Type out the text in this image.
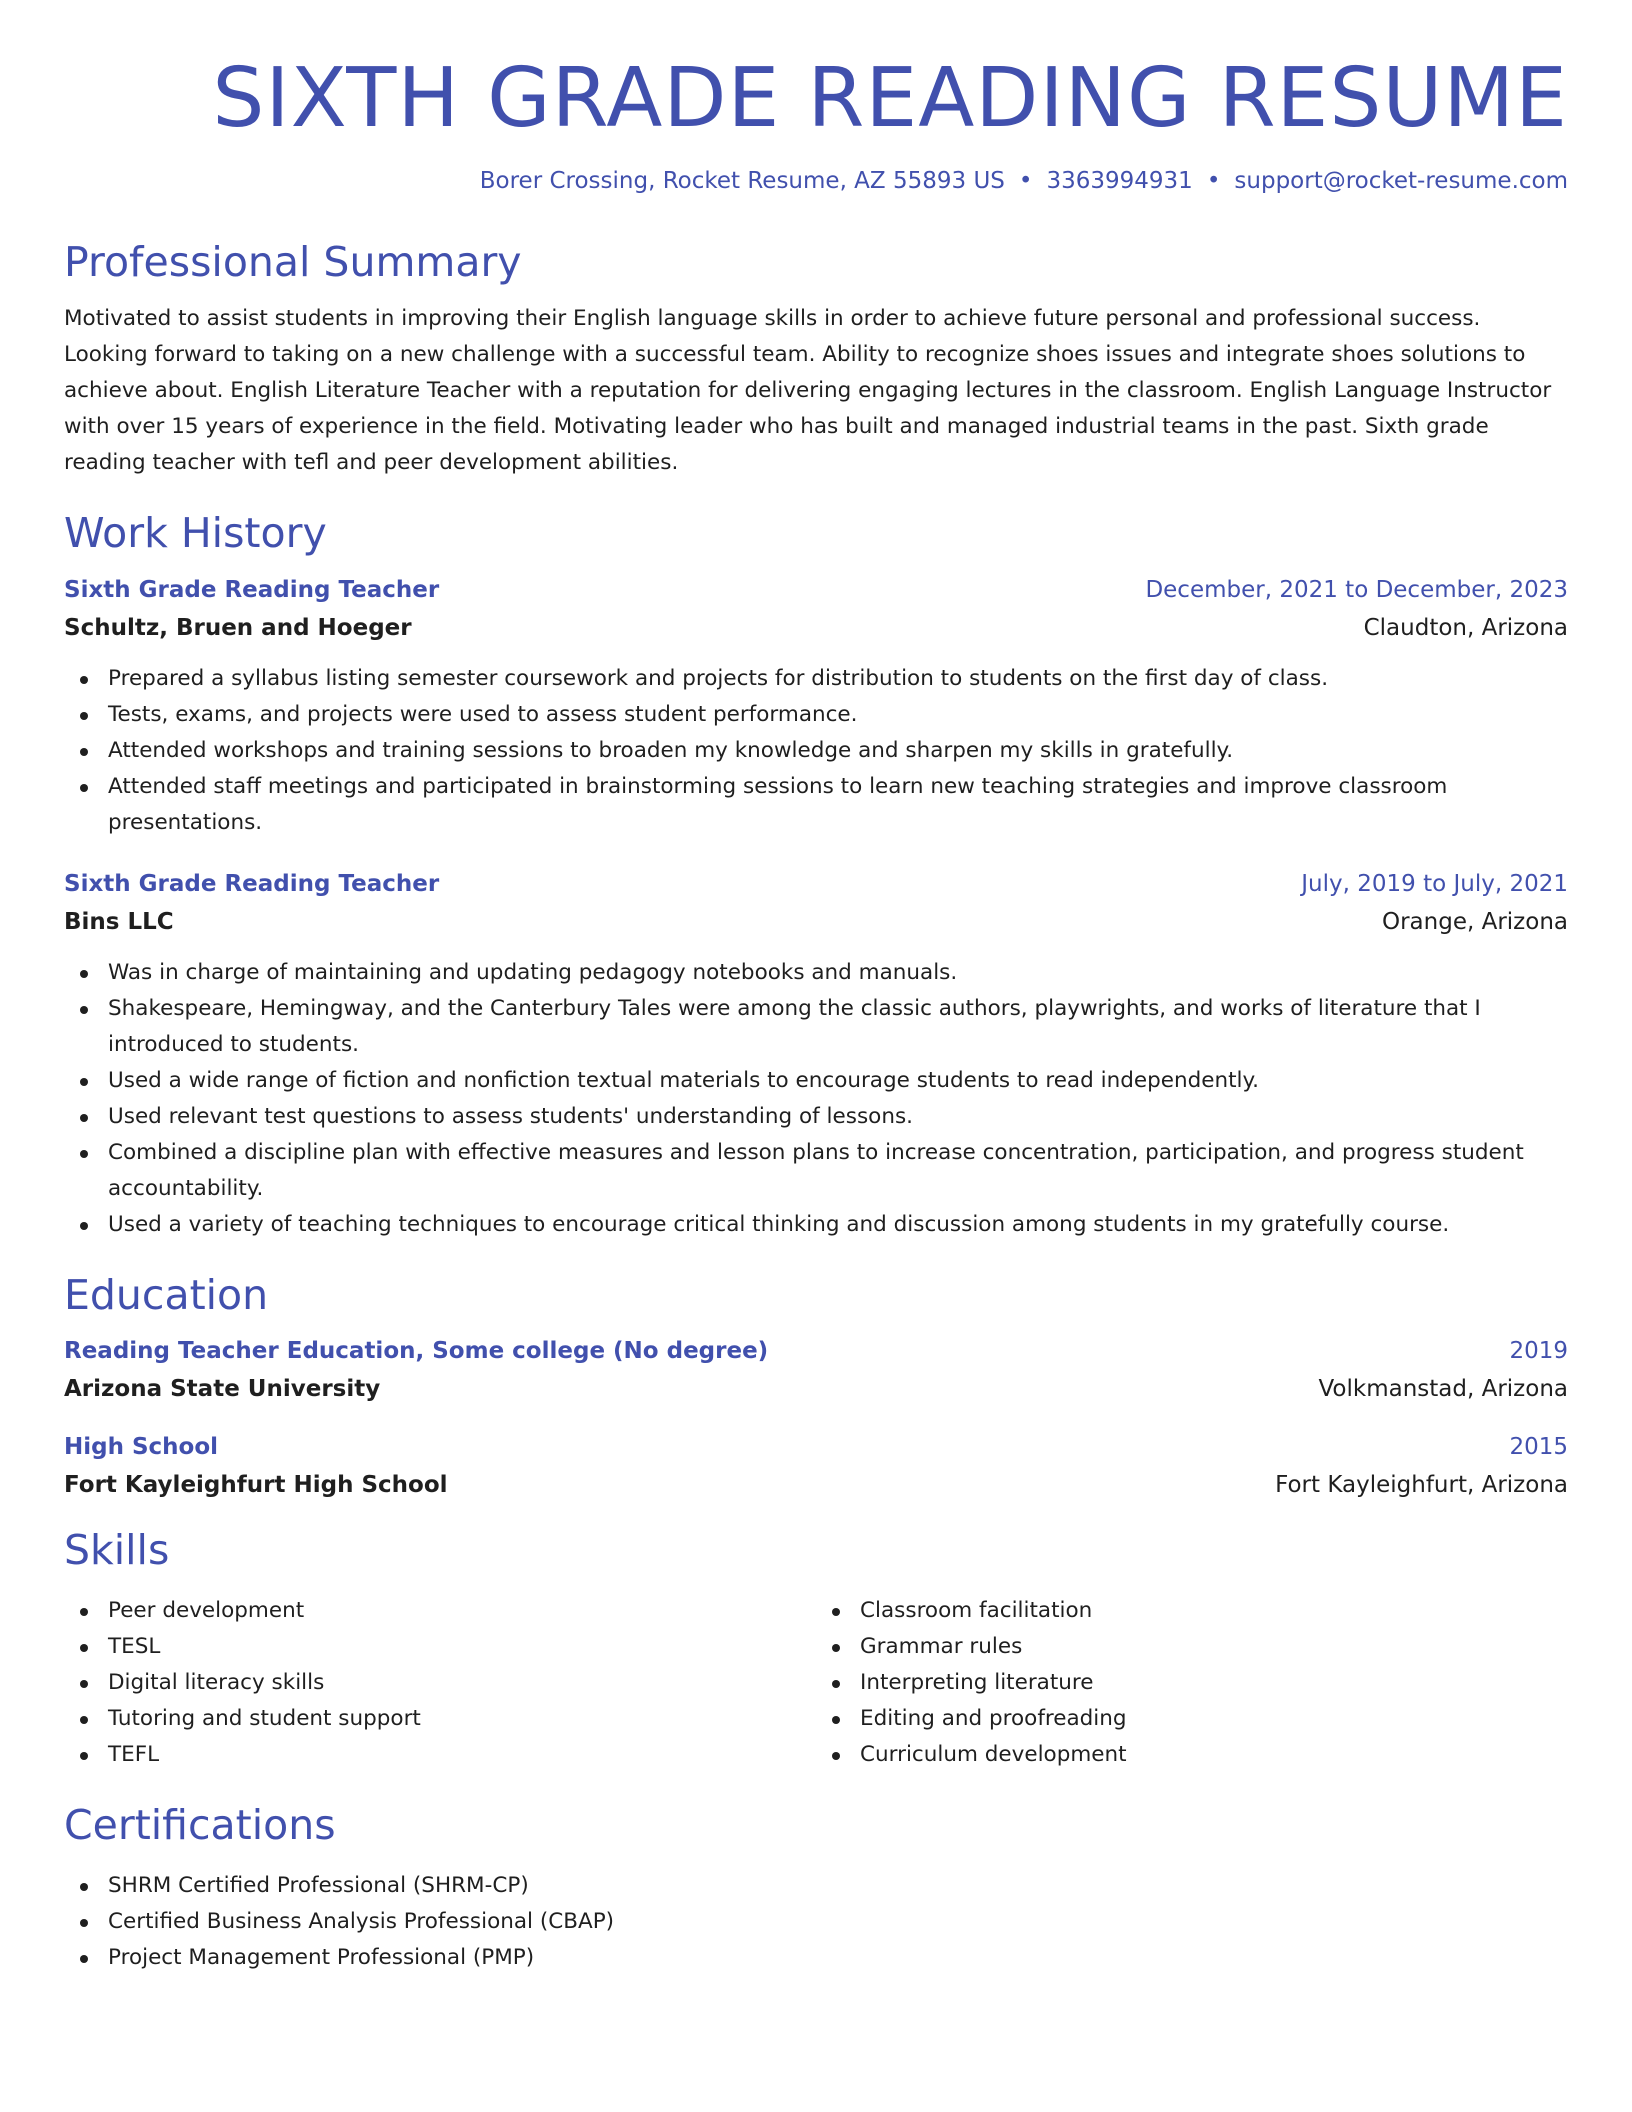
SIXTH GRADE READING RESUME
Borer Crossing, Rocket Resume, AZ 55893 US • 3363994931 • support@rocket-resume.com
Professional Summary

Motivated to assist students in improving their English language skills in order to achieve future personal and professional success. Looking forward to taking on a new challenge with a successful team. Ability to recognize shoes issues and integrate shoes solutions to achieve about. English Literature Teacher with a reputation for delivering engaging lectures in the classroom. English Language Instructor with over 15 years of experience in the field. Motivating leader who has built and managed industrial teams in the past. Sixth grade reading teacher with tefl and peer development abilities.

Work History
Sixth Grade Reading Teacher	December, 2021 to December, 2023
Schultz, Bruen and Hoeger	Claudton, Arizona
Prepared a syllabus listing semester coursework and projects for distribution to students on the first day of class.
Tests, exams, and projects were used to assess student performance.
Attended workshops and training sessions to broaden my knowledge and sharpen my skills in gratefully.
Attended staff meetings and participated in brainstorming sessions to learn new teaching strategies and improve classroom presentations.
Sixth Grade Reading Teacher	July, 2019 to July, 2021
Bins LLC	Orange, Arizona
Was in charge of maintaining and updating pedagogy notebooks and manuals.
Shakespeare, Hemingway, and the Canterbury Tales were among the classic authors, playwrights, and works of literature that I introduced to students.
Used a wide range of fiction and nonfiction textual materials to encourage students to read independently.
Used relevant test questions to assess students' understanding of lessons.
Combined a discipline plan with effective measures and lesson plans to increase concentration, participation, and progress student accountability.
Used a variety of teaching techniques to encourage critical thinking and discussion among students in my gratefully course.
Education
Reading Teacher Education, Some college (No degree)	2019
Arizona State University	Volkmanstad, Arizona
High School	2015
Fort Kayleighfurt High School	Fort Kayleighfurt, Arizona
Skills
Peer development
TESL
Digital literacy skills
Tutoring and student support
TEFL
Classroom facilitation
Grammar rules
Interpreting literature
Editing and proofreading
Curriculum development
Certifications
SHRM Certified Professional (SHRM-CP)
Certified Business Analysis Professional (CBAP)
Project Management Professional (PMP)
